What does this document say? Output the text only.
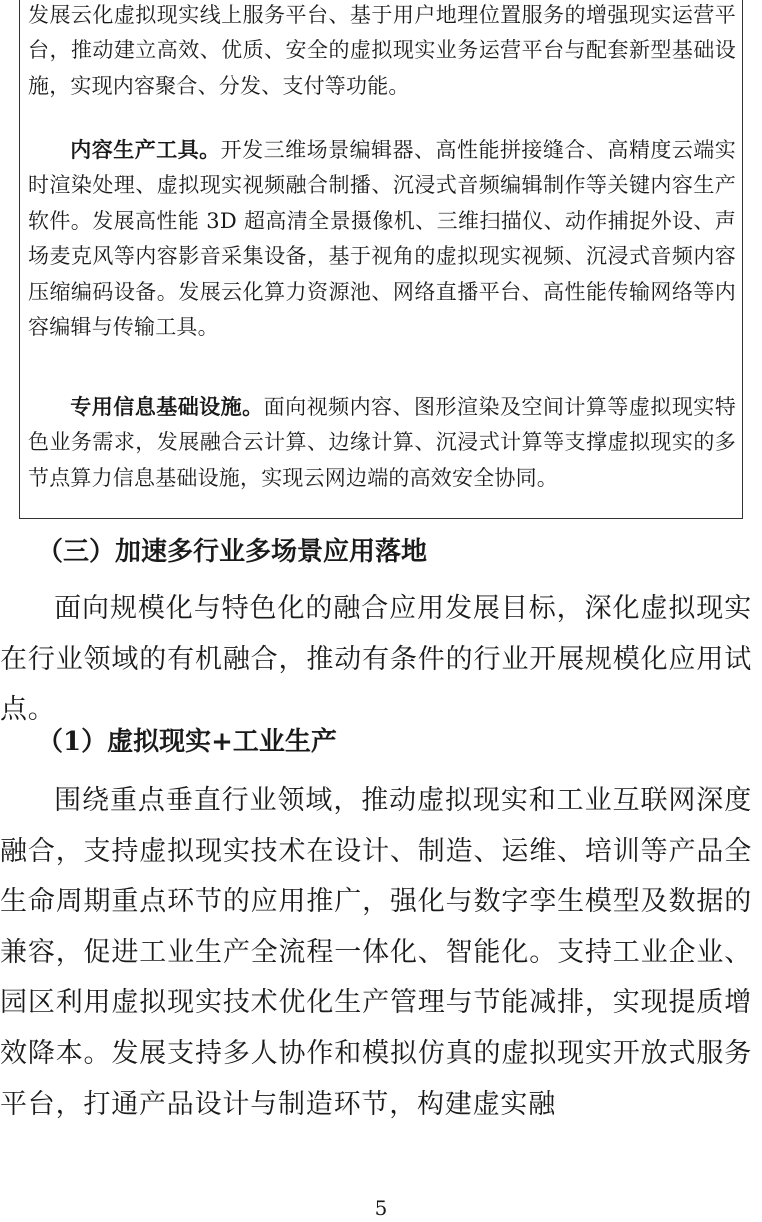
发展云化虚拟现实线上服务平台、基于用户地理位置服务的增强现实运营平台，推动建立高效、优质、安全的虚拟现实业务运营平台与配套新型基础设施，实现内容聚合、分发、支付等功能。

内容生产工具。开发三维场景编辑器、高性能拼接缝合、高精度云端实时渲染处理、虚拟现实视频融合制播、沉浸式音频编辑制作等关键内容生产软件。发展高性能 3D 超高清全景摄像机、三维扫描仪、动作捕捉外设、声场麦克风等内容影音采集设备，基于视角的虚拟现实视频、沉浸式音频内容压缩编码设备。发展云化算力资源池、网络直播平台、高性能传输网络等内容编辑与传输工具。

专用信息基础设施。面向视频内容、图形渲染及空间计算等虚拟现实特色业务需求，发展融合云计算、边缘计算、沉浸式计算等支撑虚拟现实的多节点算力信息基础设施，实现云网边端的高效安全协同。

（三）加速多行业多场景应用落地

面向规模化与特色化的融合应用发展目标，深化虚拟现实在行业领域的有机融合，推动有条件的行业开展规模化应用试点。

（1）虚拟现实+工业生产

围绕重点垂直行业领域，推动虚拟现实和工业互联网深度融合，支持虚拟现实技术在设计、制造、运维、培训等产品全生命周期重点环节的应用推广，强化与数字孪生模型及数据的兼容，促进工业生产全流程一体化、智能化。支持工业企业、园区利用虚拟现实技术优化生产管理与节能减排，实现提质增效降本。发展支持多人协作和模拟仿真的虚拟现实开放式服务平台，打通产品设计与制造环节，构建虚实融

5
